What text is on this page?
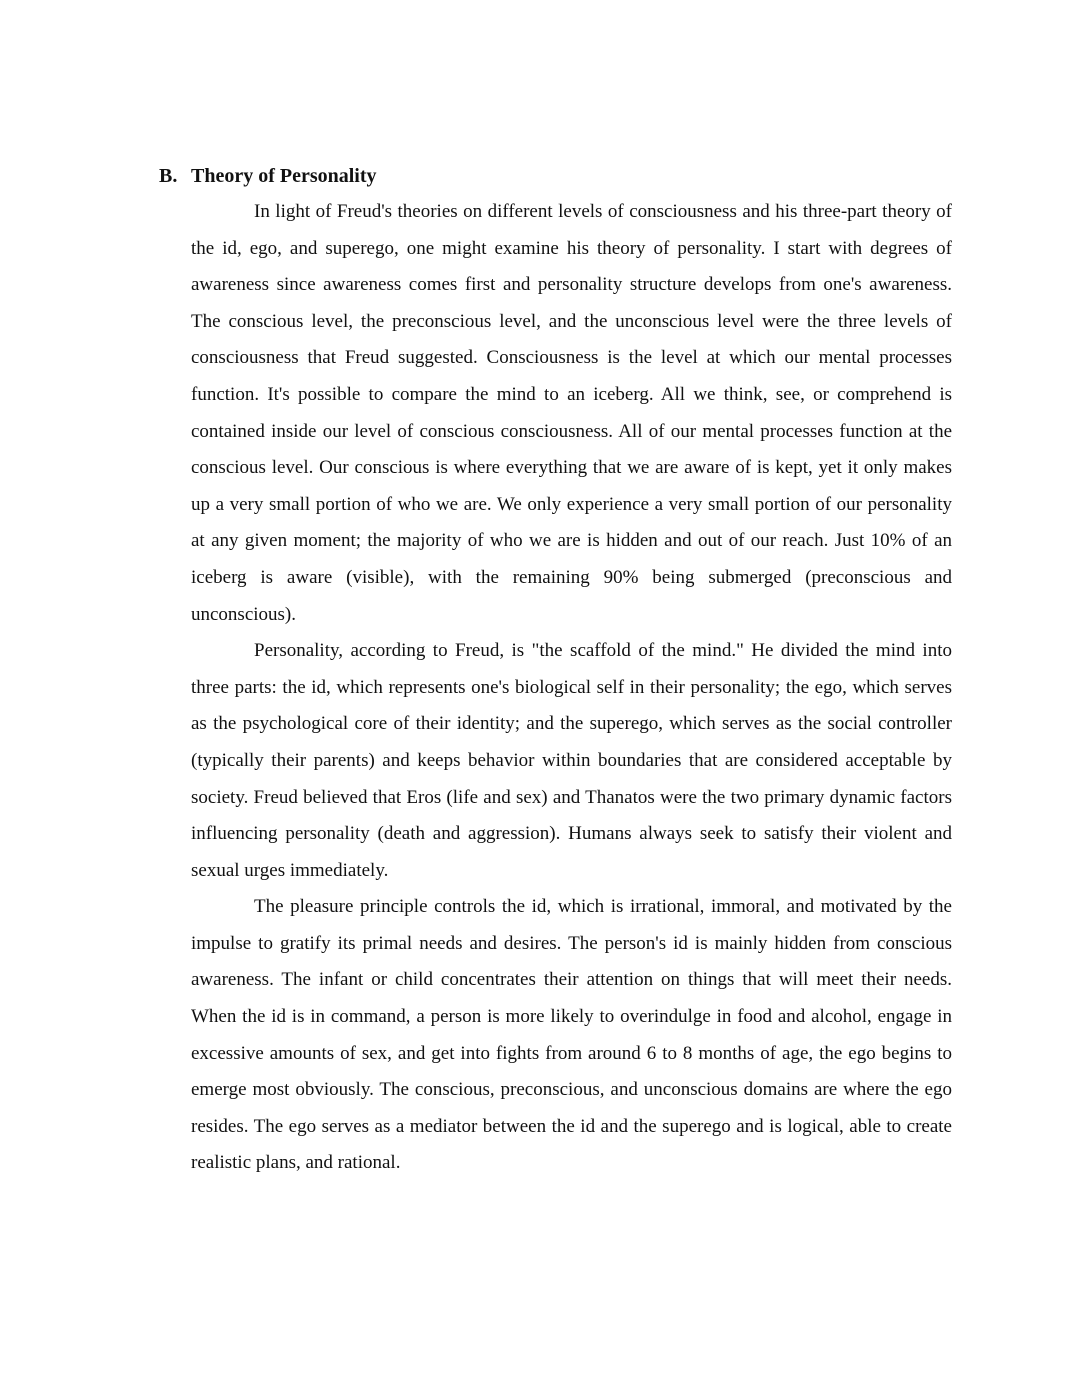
B. Theory of Personality

In light of Freud's theories on different levels of consciousness and his three-part theory of the id, ego, and superego, one might examine his theory of personality. I start with degrees of awareness since awareness comes first and personality structure develops from one's awareness. The conscious level, the preconscious level, and the unconscious level were the three levels of consciousness that Freud suggested. Consciousness is the level at which our mental processes function. It's possible to compare the mind to an iceberg. All we think, see, or comprehend is contained inside our level of conscious consciousness. All of our mental processes function at the conscious level. Our conscious is where everything that we are aware of is kept, yet it only makes up a very small portion of who we are. We only experience a very small portion of our personality at any given moment; the majority of who we are is hidden and out of our reach. Just 10% of an iceberg is aware (visible), with the remaining 90% being submerged (preconscious and unconscious).

Personality, according to Freud, is "the scaffold of the mind." He divided the mind into three parts: the id, which represents one's biological self in their personality; the ego, which serves as the psychological core of their identity; and the superego, which serves as the social controller (typically their parents) and keeps behavior within boundaries that are considered acceptable by society. Freud believed that Eros (life and sex) and Thanatos were the two primary dynamic factors influencing personality (death and aggression). Humans always seek to satisfy their violent and sexual urges immediately.

The pleasure principle controls the id, which is irrational, immoral, and motivated by the impulse to gratify its primal needs and desires. The person's id is mainly hidden from conscious awareness. The infant or child concentrates their attention on things that will meet their needs. When the id is in command, a person is more likely to overindulge in food and alcohol, engage in excessive amounts of sex, and get into fights from around 6 to 8 months of age, the ego begins to emerge most obviously. The conscious, preconscious, and unconscious domains are where the ego resides. The ego serves as a mediator between the id and the superego and is logical, able to create realistic plans, and rational.
